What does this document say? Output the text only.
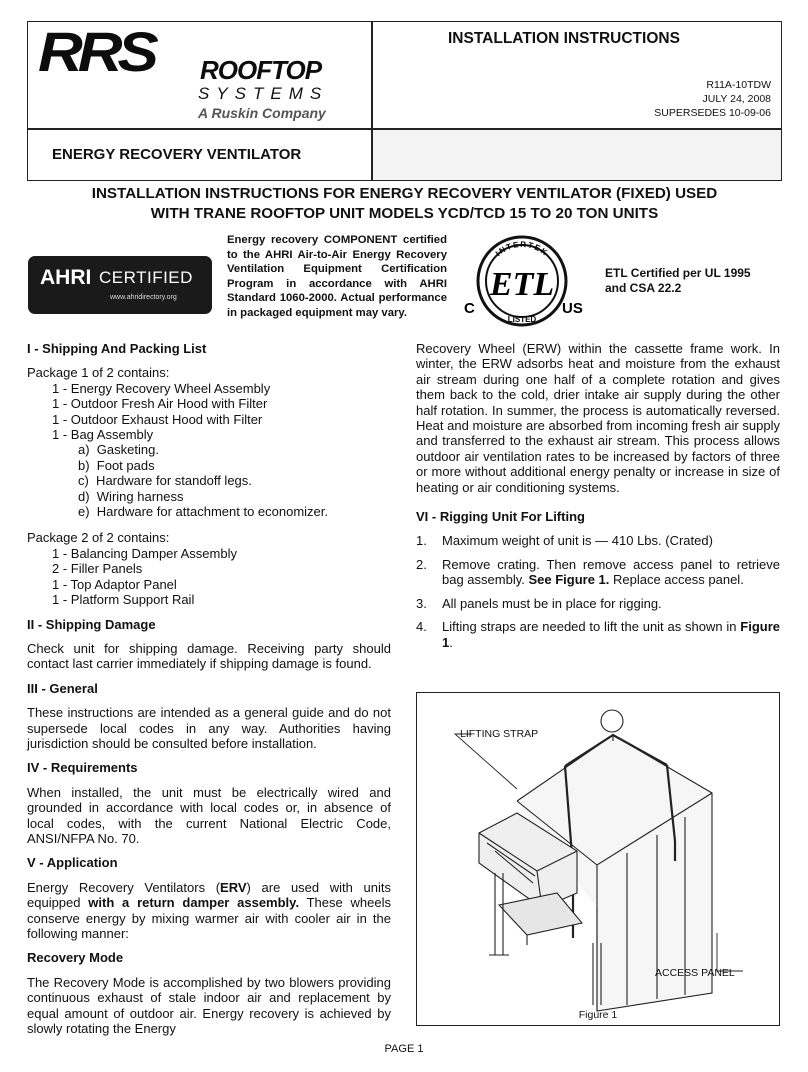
RRS ROOFTOP
SYSTEMS
A Ruskin Company
INSTALLATION INSTRUCTIONS
R11A-10TDW
JULY 24, 2008
SUPERSEDES 10-09-06
ENERGY RECOVERY VENTILATOR
INSTALLATION INSTRUCTIONS FOR ENERGY RECOVERY VENTILATOR (FIXED) USED
WITH TRANE ROOFTOP UNIT MODELS YCD/TCD 15 TO 20 TON UNITS
AHRI CERTIFIED
www.ahridirectory.org
Energy recovery COMPONENT certified to the AHRI Air-to-Air Energy Recovery Ventilation Equipment Certification Program in accordance with AHRI Standard 1060-2000. Actual performance in packaged equipment may vary.
INTERTEK
LISTED
ETL
C	US
ETL Certified per UL 1995
and CSA 22.2
I - Shipping And Packing List
Package 1 of 2 contains:
1 - Energy Recovery Wheel Assembly
1 - Outdoor Fresh Air Hood with Filter
1 - Outdoor Exhaust Hood with Filter
1 - Bag Assembly
a)  Gasketing.
b)  Foot pads
c)  Hardware for standoff legs.
d)  Wiring harness
e)  Hardware for attachment to economizer.
Package 2 of 2 contains:
1 - Balancing Damper Assembly
2 - Filler Panels
1 - Top Adaptor Panel
1 - Platform Support Rail
II - Shipping Damage
Check unit for shipping damage. Receiving party should contact last carrier immediately if shipping damage is found.
III - General
These instructions are intended as a general guide and do not supersede local codes in any way. Authorities having jurisdiction should be consulted before installation.
IV - Requirements
When installed, the unit must be electrically wired and grounded in accordance with local codes or, in absence of local codes, with the current National Electric Code, ANSI/NFPA No. 70.
V - Application
Energy Recovery Ventilators (ERV) are used with units equipped with a return damper assembly. These wheels conserve energy by mixing warmer air with cooler air in the following manner:
Recovery Mode
The Recovery Mode is accomplished by two blowers providing continuous exhaust of stale indoor air and replacement by equal amount of outdoor air. Energy recovery is achieved by slowly rotating the Energy
Recovery Wheel (ERW) within the cassette frame work. In winter, the ERW adsorbs heat and moisture from the exhaust air stream during one half of a complete rotation and gives them back to the cold, drier intake air supply during the other half rotation. In summer, the process is automatically reversed. Heat and moisture are absorbed from incoming fresh air supply and transferred to the exhaust air stream. This process allows outdoor air ventilation rates to be increased by factors of three or more without additional energy penalty or increase in size of heating or air conditioning systems.
VI - Rigging Unit For Lifting
1.	Maximum weight of unit is — 410 Lbs. (Crated)
2.	Remove crating. Then remove access panel to retrieve bag assembly. See Figure 1. Replace access panel.
3.	All panels must be in place for rigging.
4.	Lifting straps are needed to lift the unit as shown in Figure 1.
LIFTING STRAP
ACCESS PANEL
Figure 1
PAGE 1
